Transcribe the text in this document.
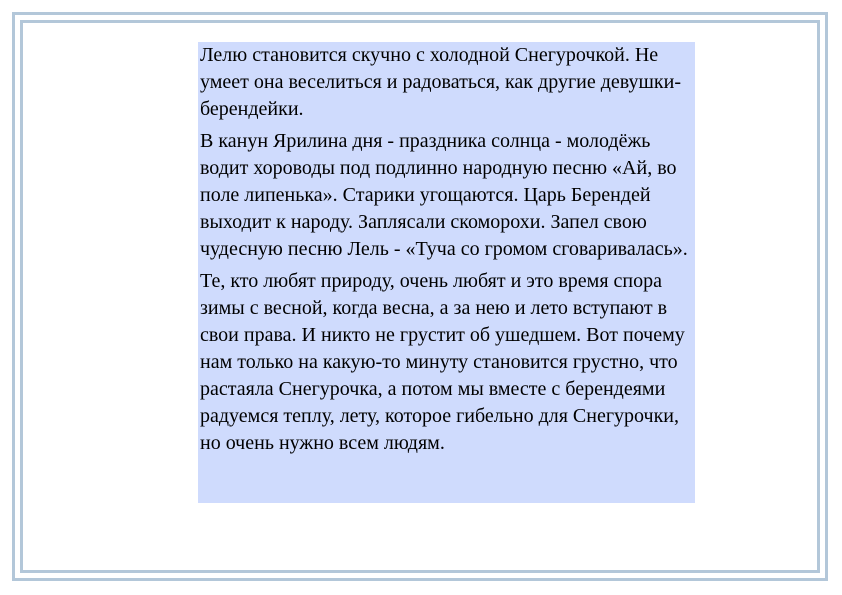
Лелю становится скучно с холодной Снегурочкой. Не умеет она веселиться и радоваться, как другие девушки-берендейки.

В канун Ярилина дня - праздника солнца - молодёжь водит хороводы под подлинно народную песню «Ай, во поле липенька». Старики угощаются. Царь Берендей выходит к народу. Заплясали скоморохи. Запел свою чудесную песню Лель - «Туча со громом сговаривалась».

Те, кто любят природу, очень любят и это время спора зимы с весной, когда весна, а за нею и лето вступают в свои права. И никто не грустит об ушедшем. Вот почему нам только на какую-то минуту становится грустно, что растаяла Снегурочка, а потом мы вместе с берендеями радуемся теплу, лету, которое гибельно для Снегурочки, но очень нужно всем людям.
